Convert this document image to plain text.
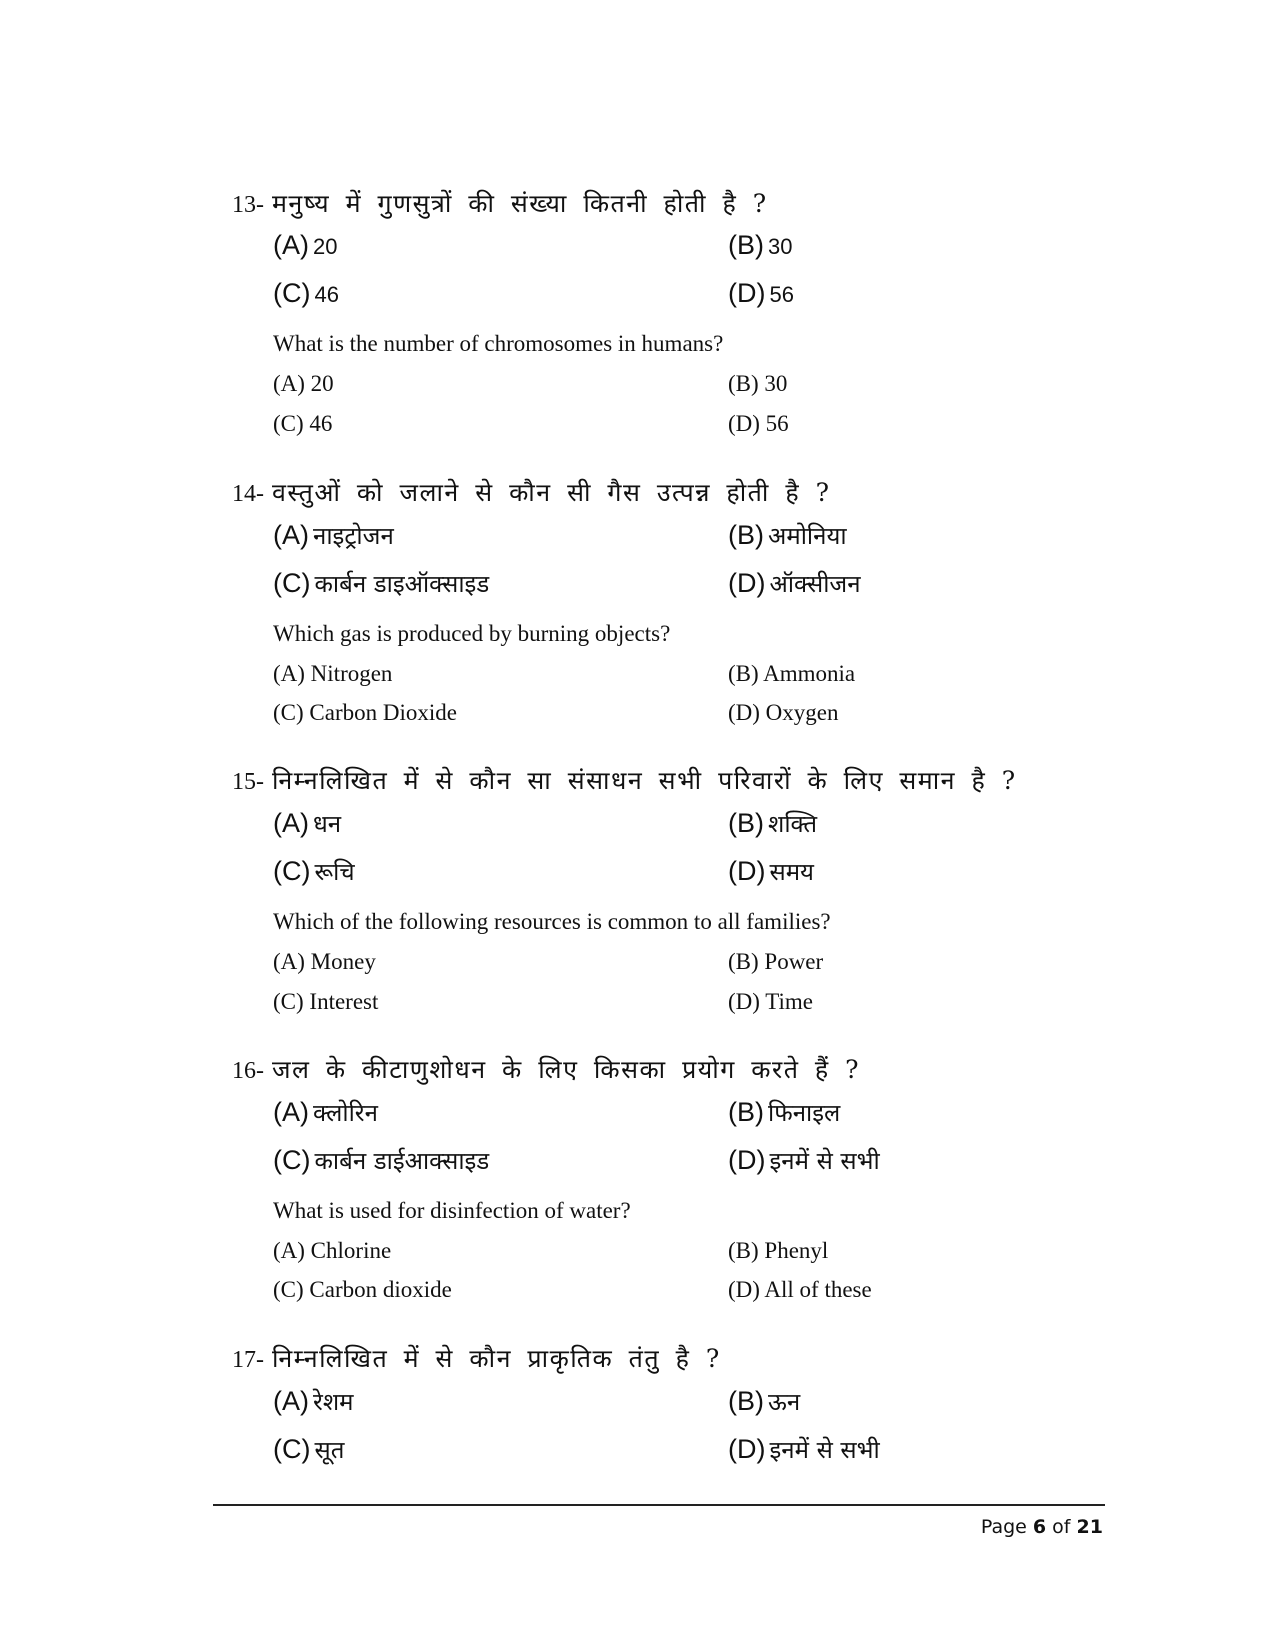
13- मनुष्य में गुणसुत्रों की संख्या कितनी होती है ?
(A) 20	(B) 30
(C) 46	(D) 56
What is the number of chromosomes in humans?
(A) 20	(B) 30
(C) 46	(D) 56
14- वस्तुओं को जलाने से कौन सी गैस उत्पन्न होती है ?
(A) नाइट्रोजन	(B) अमोनिया
(C) कार्बन डाइऑक्साइड	(D) ऑक्सीजन
Which gas is produced by burning objects?
(A) Nitrogen	(B) Ammonia
(C) Carbon Dioxide	(D) Oxygen
15- निम्नलिखित में से कौन सा संसाधन सभी परिवारों के लिए समान है ?
(A) धन	(B) शक्ति
(C) रूचि	(D) समय
Which of the following resources is common to all families?
(A) Money	(B) Power
(C) Interest	(D) Time
16- जल के कीटाणुशोधन के लिए किसका प्रयोग करते हैं ?
(A) क्लोरिन	(B) फिनाइल
(C) कार्बन डाईआक्साइड	(D) इनमें से सभी
What is used for disinfection of water?
(A) Chlorine	(B) Phenyl
(C) Carbon dioxide	(D) All of these
17- निम्नलिखित में से कौन प्राकृतिक तंतु है ?
(A) रेशम	(B) ऊन
(C) सूत	(D) इनमें से सभी
Page 6 of 21
